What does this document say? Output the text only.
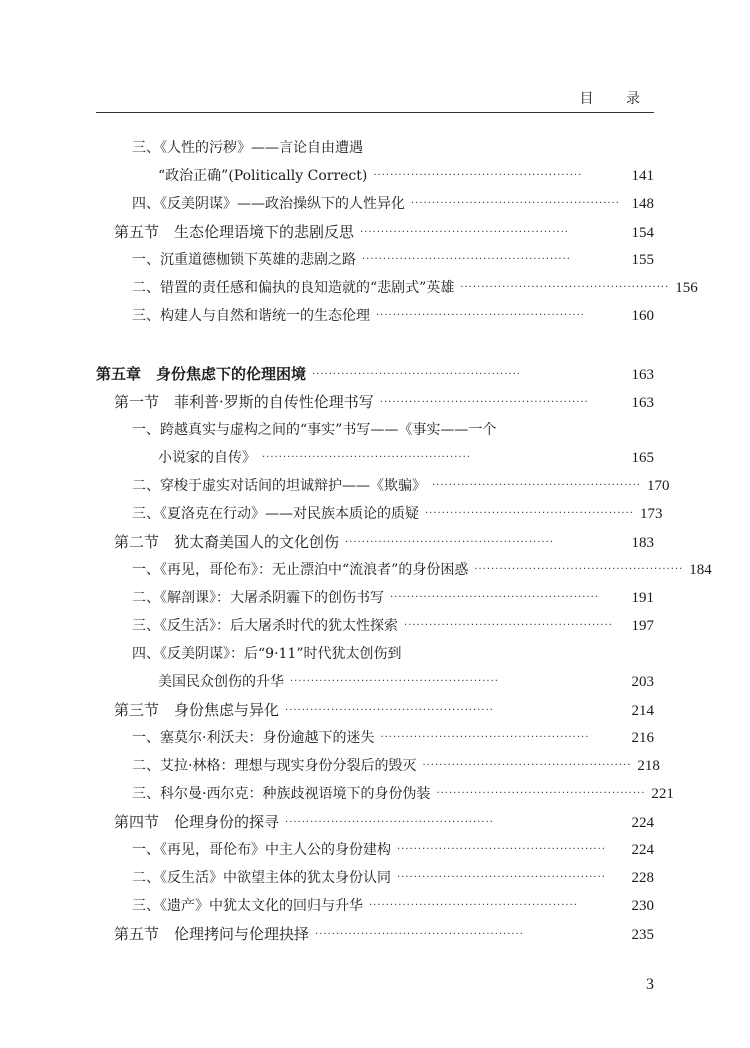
目 录
三、《人性的污秽》——言论自由遭遇
“政治正确”(Politically Correct) ··················································	141
四、《反美阴谋》——政治操纵下的人性异化 ·················································· 148
第五节　生态伦理语境下的悲剧反思 ··················································	154
一、沉重道德枷锁下英雄的悲剧之路 ··················································	155
二、错置的责任感和偏执的良知造就的“悲剧式”英雄 ·················································· 156
三、构建人与自然和谐统一的生态伦理 ··················································	160
第五章　身份焦虑下的伦理困境 ··················································	163
第一节　菲利普·罗斯的自传性伦理书写 ··················································	163
一、跨越真实与虚构之间的“事实”书写——《事实——一个
小说家的自传》 ··················································	165
二、穿梭于虚实对话间的坦诚辩护——《欺骗》 ·················································· 170
三、《夏洛克在行动》——对民族本质论的质疑 ·················································· 173
第二节　犹太裔美国人的文化创伤 ··················································	183
一、《再见，哥伦布》：无止漂泊中“流浪者”的身份困惑 ·················································· 184
二、《解剖课》：大屠杀阴霾下的创伤书写 ··················································	191
三、《反生活》：后大屠杀时代的犹太性探索 ··················································	197
四、《反美阴谋》：后“9·11”时代犹太创伤到
美国民众创伤的升华 ··················································	203
第三节　身份焦虑与异化 ··················································	214
一、塞莫尔·利沃夫：身份逾越下的迷失 ··················································	216
二、艾拉·林格：理想与现实身份分裂后的毁灭 ·················································· 218
三、科尔曼·西尔克：种族歧视语境下的身份伪装 ·················································· 221
第四节　伦理身份的探寻 ··················································	224
一、《再见，哥伦布》中主人公的身份建构 ··················································	224
二、《反生活》中欲望主体的犹太身份认同 ··················································	228
三、《遗产》中犹太文化的回归与升华 ··················································	230
第五节　伦理拷问与伦理抉择 ··················································	235
3
